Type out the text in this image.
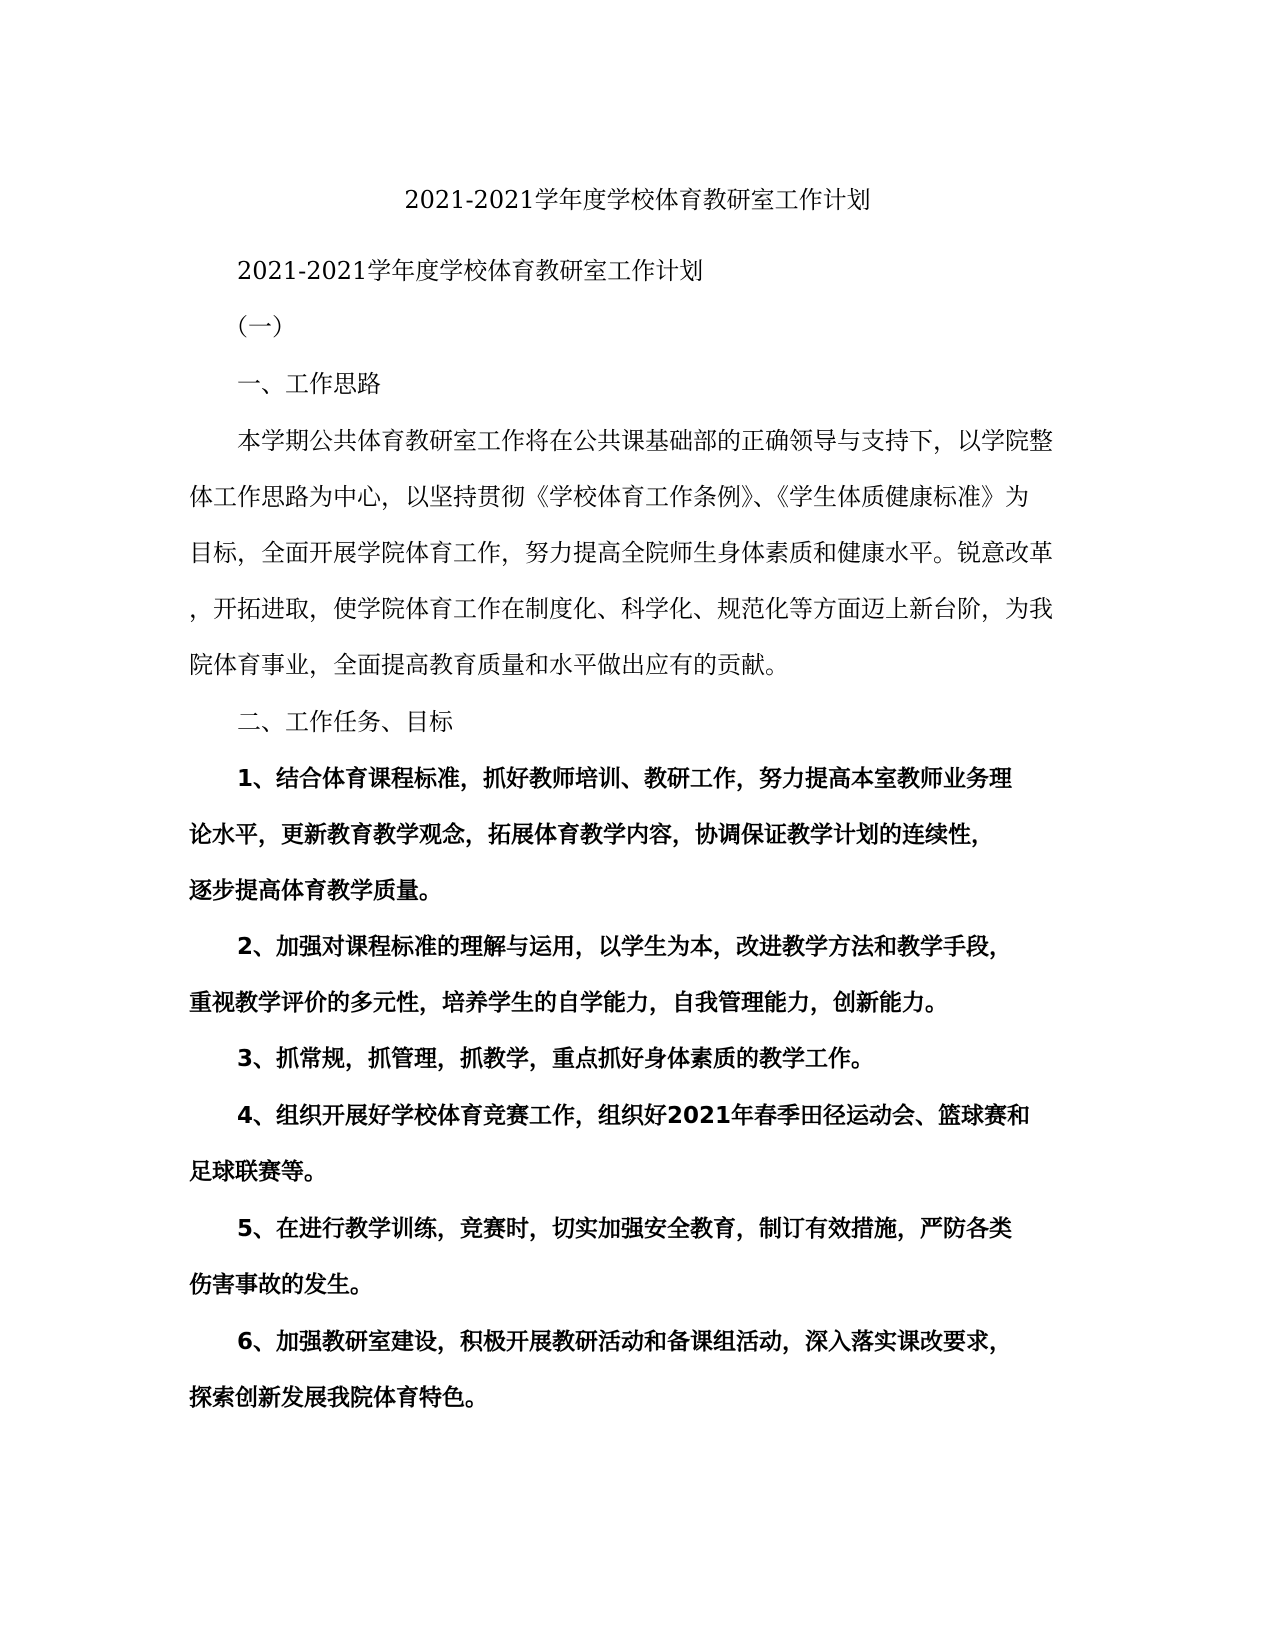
2021-2021学年度学校体育教研室工作计划
2021-2021学年度学校体育教研室工作计划
（一）
一、工作思路
本学期公共体育教研室工作将在公共课基础部的正确领导与支持下，以学院整
体工作思路为中心，以坚持贯彻《学校体育工作条例》、《学生体质健康标准》为
目标，全面开展学院体育工作，努力提高全院师生身体素质和健康水平。锐意改革
，开拓进取，使学院体育工作在制度化、科学化、规范化等方面迈上新台阶，为我
院体育事业，全面提高教育质量和水平做出应有的贡献。
二、工作任务、目标
1、结合体育课程标准，抓好教师培训、教研工作，努力提高本室教师业务理
论水平，更新教育教学观念，拓展体育教学内容，协调保证教学计划的连续性，
逐步提高体育教学质量。
2、加强对课程标准的理解与运用，以学生为本，改进教学方法和教学手段，
重视教学评价的多元性，培养学生的自学能力，自我管理能力，创新能力。
3、抓常规，抓管理，抓教学，重点抓好身体素质的教学工作。
4、组织开展好学校体育竞赛工作，组织好2021年春季田径运动会、篮球赛和
足球联赛等。
5、在进行教学训练，竞赛时，切实加强安全教育，制订有效措施，严防各类
伤害事故的发生。
6、加强教研室建设，积极开展教研活动和备课组活动，深入落实课改要求，
探索创新发展我院体育特色。
